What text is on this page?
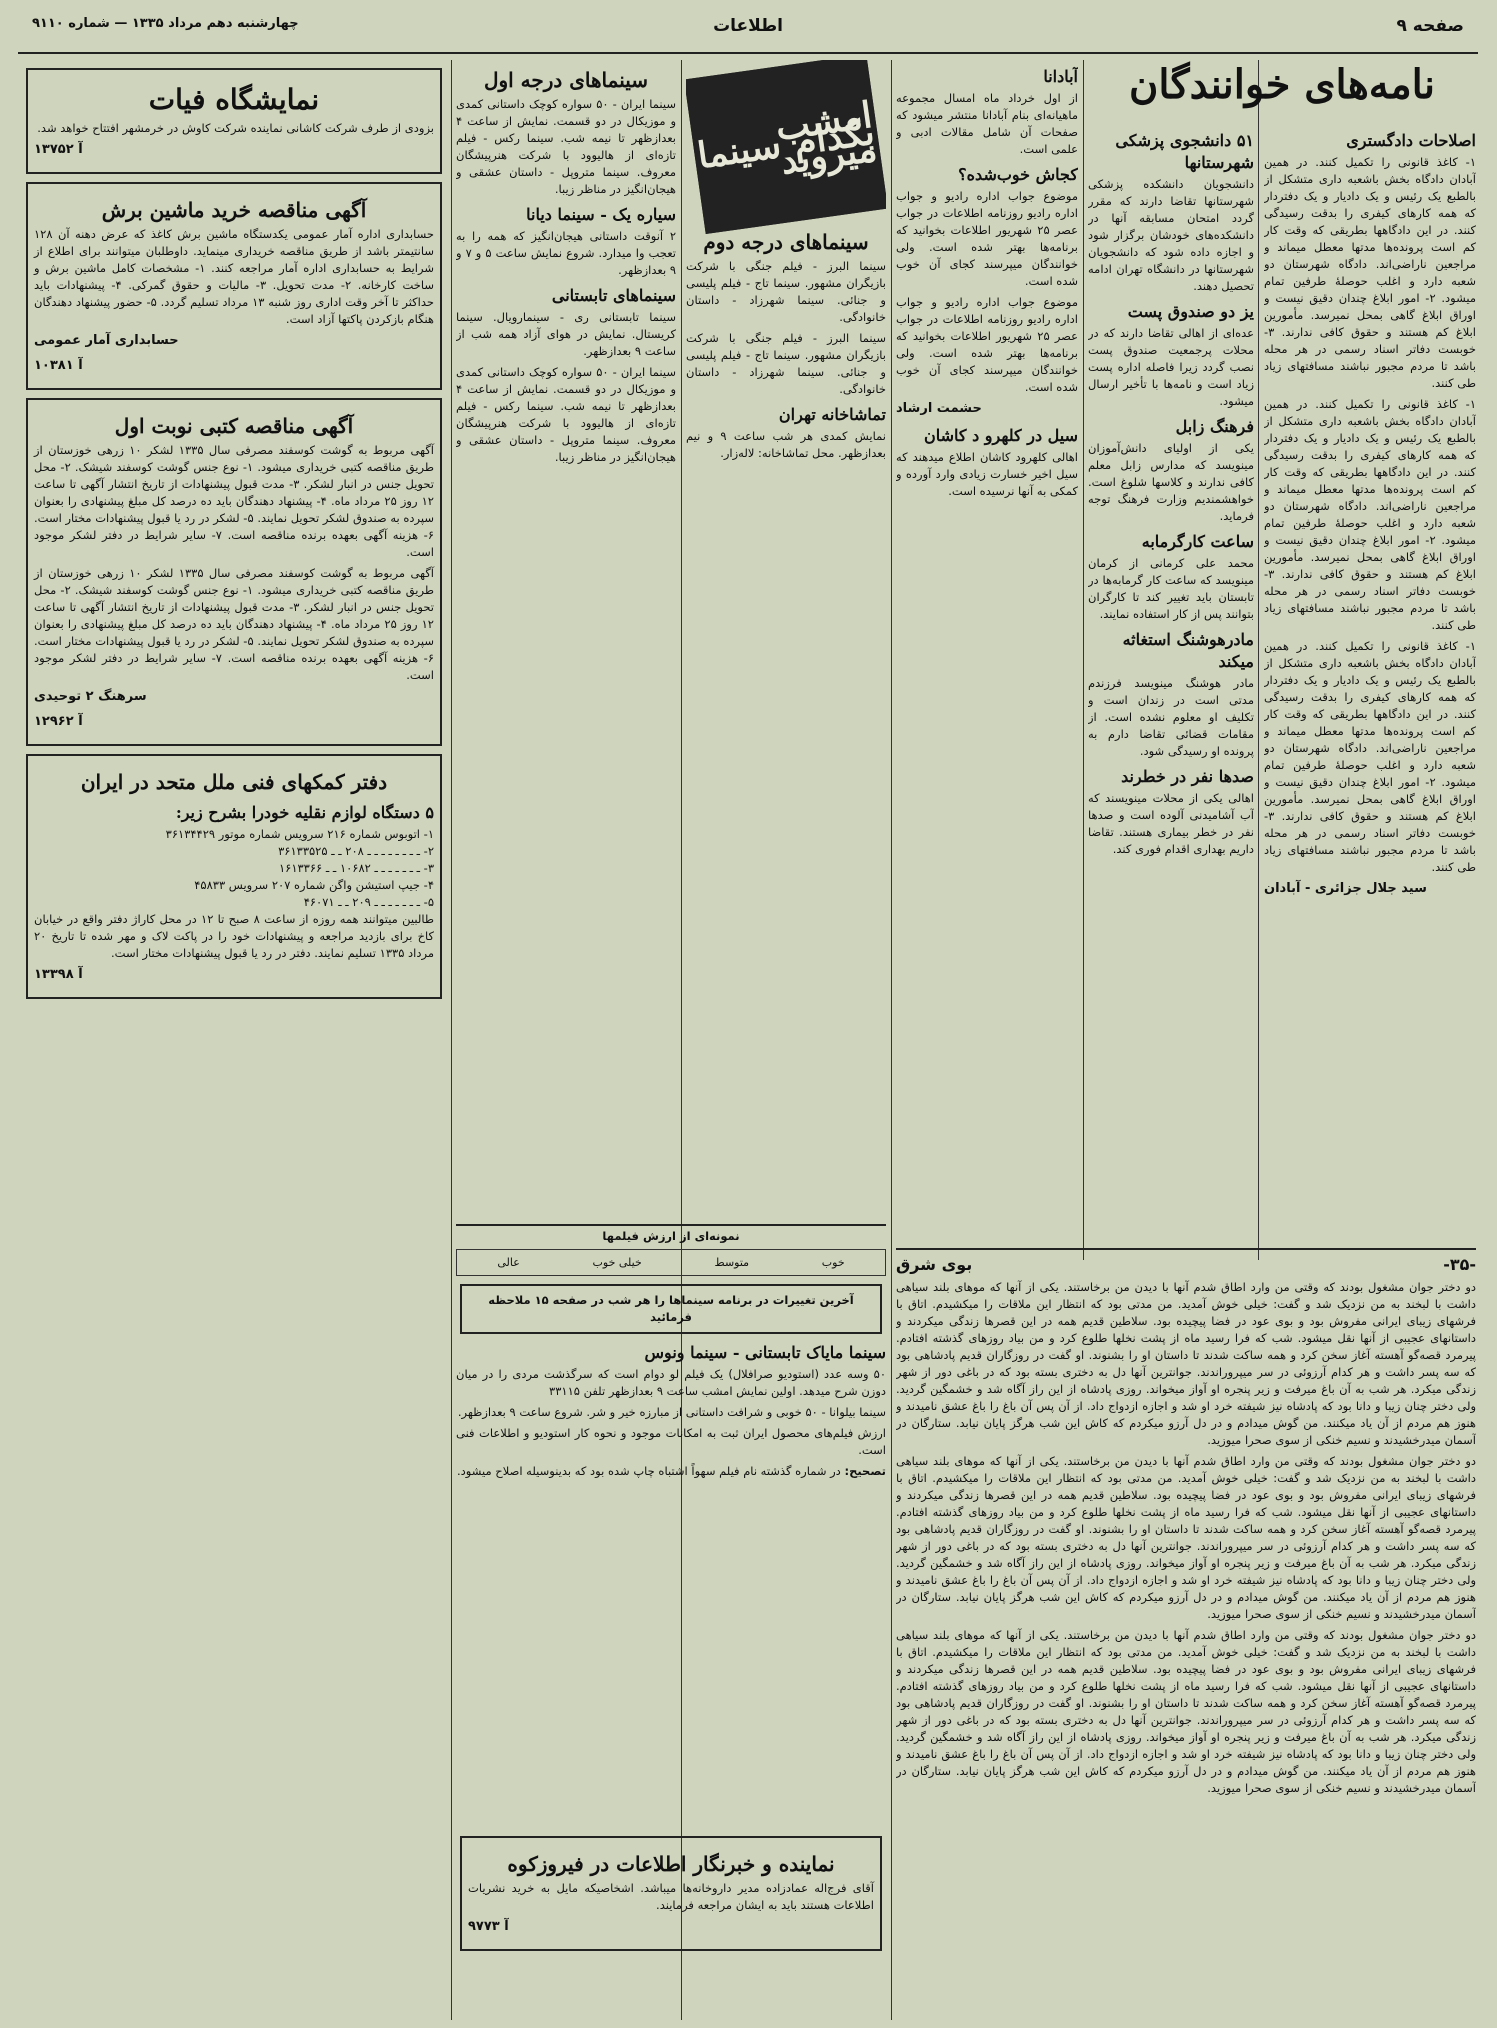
صفحه ۹
اطلاعات
چهارشنبه دهم مرداد ۱۳۳۵ — شماره ۹۱۱۰
نامه‌های خوانندگان
اصلاحات دادگستری

۱- کاغذ قانونی را تکمیل کنند. در همین آبادان دادگاه بخش باشعبه داری متشکل از بالطبع یک رئیس و یک دادیار و یک دفتردار که همه کارهای کیفری را بدقت رسیدگی کنند. در این دادگاهها بطریقی که وقت کار کم است پرونده‌ها مدتها معطل میماند و مراجعین ناراضی‌اند. دادگاه شهرستان دو شعبه دارد و اغلب حوصلهٔ طرفین تمام میشود. ۲- امور ابلاغ چندان دقیق نیست و اوراق ابلاغ گاهی بمحل نمیرسد. مأمورین ابلاغ کم هستند و حقوق کافی ندارند. ۳- خوبست دفاتر اسناد رسمی در هر محله باشد تا مردم مجبور نباشند مسافتهای زیاد طی کنند.

۱- کاغذ قانونی را تکمیل کنند. در همین آبادان دادگاه بخش باشعبه داری متشکل از بالطبع یک رئیس و یک دادیار و یک دفتردار که همه کارهای کیفری را بدقت رسیدگی کنند. در این دادگاهها بطریقی که وقت کار کم است پرونده‌ها مدتها معطل میماند و مراجعین ناراضی‌اند. دادگاه شهرستان دو شعبه دارد و اغلب حوصلهٔ طرفین تمام میشود. ۲- امور ابلاغ چندان دقیق نیست و اوراق ابلاغ گاهی بمحل نمیرسد. مأمورین ابلاغ کم هستند و حقوق کافی ندارند. ۳- خوبست دفاتر اسناد رسمی در هر محله باشد تا مردم مجبور نباشند مسافتهای زیاد طی کنند.

۱- کاغذ قانونی را تکمیل کنند. در همین آبادان دادگاه بخش باشعبه داری متشکل از بالطبع یک رئیس و یک دادیار و یک دفتردار که همه کارهای کیفری را بدقت رسیدگی کنند. در این دادگاهها بطریقی که وقت کار کم است پرونده‌ها مدتها معطل میماند و مراجعین ناراضی‌اند. دادگاه شهرستان دو شعبه دارد و اغلب حوصلهٔ طرفین تمام میشود. ۲- امور ابلاغ چندان دقیق نیست و اوراق ابلاغ گاهی بمحل نمیرسد. مأمورین ابلاغ کم هستند و حقوق کافی ندارند. ۳- خوبست دفاتر اسناد رسمی در هر محله باشد تا مردم مجبور نباشند مسافتهای زیاد طی کنند.

سید جلال جزائری - آبادان

۵۱ دانشجوی پزشکی شهرستانها

دانشجویان دانشکده پزشکی شهرستانها تقاضا دارند که مقرر گردد امتحان مسابقه آنها در دانشکده‌های خودشان برگزار شود و اجازه داده شود که دانشجویان شهرستانها در دانشگاه تهران ادامه تحصیل دهند.

یز دو صندوق پست

عده‌ای از اهالی تقاضا دارند که در محلات پرجمعیت صندوق پست نصب گردد زیرا فاصله اداره پست زیاد است و نامه‌ها با تأخیر ارسال میشود.

فرهنگ زابل

یکی از اولیای دانش‌آموزان مینویسد که مدارس زابل معلم کافی ندارند و کلاسها شلوغ است. خواهشمندیم وزارت فرهنگ توجه فرماید.

ساعت کارگرمابه

محمد علی کرمانی از کرمان مینویسد که ساعت کار گرمابه‌ها در تابستان باید تغییر کند تا کارگران بتوانند پس از کار استفاده نمایند.

مادرهوشنگ استغاثه میکند

مادر هوشنگ مینویسد فرزندم مدتی است در زندان است و تکلیف او معلوم نشده است. از مقامات قضائی تقاضا دارم به پرونده او رسیدگی شود.

صدها نفر در خطرند

اهالی یکی از محلات مینویسند که آب آشامیدنی آلوده است و صدها نفر در خطر بیماری هستند. تقاضا داریم بهداری اقدام فوری کند.

آبادانا

از اول خرداد ماه امسال مجموعه ماهیانه‌ای بنام آبادانا منتشر میشود که صفحات آن شامل مقالات ادبی و علمی است.

کجاش خوب‌شده؟

موضوع جواب اداره رادیو و جواب اداره رادیو روزنامه اطلاعات در جواب عصر ۲۵ شهریور اطلاعات بخوانید که برنامه‌ها بهتر شده است. ولی خوانندگان میپرسند کجای آن خوب شده است.

موضوع جواب اداره رادیو و جواب اداره رادیو روزنامه اطلاعات در جواب عصر ۲۵ شهریور اطلاعات بخوانید که برنامه‌ها بهتر شده است. ولی خوانندگان میپرسند کجای آن خوب شده است.

حشمت ارشاد

سیل در کلهرو د کاشان

اهالی کلهرود کاشان اطلاع میدهند که سیل اخیر خسارت زیادی وارد آورده و کمکی به آنها نرسیده است.

-۳۵-
بوی شرق

دو دختر جوان مشغول بودند که وقتی من وارد اطاق شدم آنها با دیدن من برخاستند. یکی از آنها که موهای بلند سیاهی داشت با لبخند به من نزدیک شد و گفت: خیلی خوش آمدید. من مدتی بود که انتظار این ملاقات را میکشیدم. اتاق با فرشهای زیبای ایرانی مفروش بود و بوی عود در فضا پیچیده بود. سلاطین قدیم همه در این قصرها زندگی میکردند و داستانهای عجیبی از آنها نقل میشود. شب که فرا رسید ماه از پشت نخلها طلوع کرد و من بیاد روزهای گذشته افتادم. پیرمرد قصه‌گو آهسته آغاز سخن کرد و همه ساکت شدند تا داستان او را بشنوند. او گفت در روزگاران قدیم پادشاهی بود که سه پسر داشت و هر کدام آرزوئی در سر میپروراندند. جوانترین آنها دل به دختری بسته بود که در باغی دور از شهر زندگی میکرد. هر شب به آن باغ میرفت و زیر پنجره او آواز میخواند. روزی پادشاه از این راز آگاه شد و خشمگین گردید. ولی دختر چنان زیبا و دانا بود که پادشاه نیز شیفته خرد او شد و اجازه ازدواج داد. از آن پس آن باغ را باغ عشق نامیدند و هنوز هم مردم از آن یاد میکنند. من گوش میدادم و در دل آرزو میکردم که کاش این شب هرگز پایان نیابد. ستارگان در آسمان میدرخشیدند و نسیم خنکی از سوی صحرا میوزید.

دو دختر جوان مشغول بودند که وقتی من وارد اطاق شدم آنها با دیدن من برخاستند. یکی از آنها که موهای بلند سیاهی داشت با لبخند به من نزدیک شد و گفت: خیلی خوش آمدید. من مدتی بود که انتظار این ملاقات را میکشیدم. اتاق با فرشهای زیبای ایرانی مفروش بود و بوی عود در فضا پیچیده بود. سلاطین قدیم همه در این قصرها زندگی میکردند و داستانهای عجیبی از آنها نقل میشود. شب که فرا رسید ماه از پشت نخلها طلوع کرد و من بیاد روزهای گذشته افتادم. پیرمرد قصه‌گو آهسته آغاز سخن کرد و همه ساکت شدند تا داستان او را بشنوند. او گفت در روزگاران قدیم پادشاهی بود که سه پسر داشت و هر کدام آرزوئی در سر میپروراندند. جوانترین آنها دل به دختری بسته بود که در باغی دور از شهر زندگی میکرد. هر شب به آن باغ میرفت و زیر پنجره او آواز میخواند. روزی پادشاه از این راز آگاه شد و خشمگین گردید. ولی دختر چنان زیبا و دانا بود که پادشاه نیز شیفته خرد او شد و اجازه ازدواج داد. از آن پس آن باغ را باغ عشق نامیدند و هنوز هم مردم از آن یاد میکنند. من گوش میدادم و در دل آرزو میکردم که کاش این شب هرگز پایان نیابد. ستارگان در آسمان میدرخشیدند و نسیم خنکی از سوی صحرا میوزید.

دو دختر جوان مشغول بودند که وقتی من وارد اطاق شدم آنها با دیدن من برخاستند. یکی از آنها که موهای بلند سیاهی داشت با لبخند به من نزدیک شد و گفت: خیلی خوش آمدید. من مدتی بود که انتظار این ملاقات را میکشیدم. اتاق با فرشهای زیبای ایرانی مفروش بود و بوی عود در فضا پیچیده بود. سلاطین قدیم همه در این قصرها زندگی میکردند و داستانهای عجیبی از آنها نقل میشود. شب که فرا رسید ماه از پشت نخلها طلوع کرد و من بیاد روزهای گذشته افتادم. پیرمرد قصه‌گو آهسته آغاز سخن کرد و همه ساکت شدند تا داستان او را بشنوند. او گفت در روزگاران قدیم پادشاهی بود که سه پسر داشت و هر کدام آرزوئی در سر میپروراندند. جوانترین آنها دل به دختری بسته بود که در باغی دور از شهر زندگی میکرد. هر شب به آن باغ میرفت و زیر پنجره او آواز میخواند. روزی پادشاه از این راز آگاه شد و خشمگین گردید. ولی دختر چنان زیبا و دانا بود که پادشاه نیز شیفته خرد او شد و اجازه ازدواج داد. از آن پس آن باغ را باغ عشق نامیدند و هنوز هم مردم از آن یاد میکنند. من گوش میدادم و در دل آرزو میکردم که کاش این شب هرگز پایان نیابد. ستارگان در آسمان میدرخشیدند و نسیم خنکی از سوی صحرا میوزید.

سینماهای درجه اول

سینما ایران - ۵۰ سواره کوچک داستانی کمدی و موزیکال در دو قسمت. نمایش از ساعت ۴ بعدازظهر تا نیمه شب. سینما رکس - فیلم تازه‌ای از هالیوود با شرکت هنرپیشگان معروف. سینما متروپل - داستان عشقی و هیجان‌انگیز در مناظر زیبا.

سیاره یک - سینما دیانا

۲ آنوقت داستانی هیجان‌انگیز که همه را به تعجب وا میدارد. شروع نمایش ساعت ۵ و ۷ و ۹ بعدازظهر.

سینماهای تابستانی

سینما تابستانی ری - سینمارویال. سینما کریستال. نمایش در هوای آزاد همه شب از ساعت ۹ بعدازظهر.

سینما ایران - ۵۰ سواره کوچک داستانی کمدی و موزیکال در دو قسمت. نمایش از ساعت ۴ بعدازظهر تا نیمه شب. سینما رکس - فیلم تازه‌ای از هالیوود با شرکت هنرپیشگان معروف. سینما متروپل - داستان عشقی و هیجان‌انگیز در مناظر زیبا.

امشب بکدام سینما میروید
سینماهای درجه دوم

سینما البرز - فیلم جنگی با شرکت بازیگران مشهور. سینما تاج - فیلم پلیسی و جنائی. سینما شهرزاد - داستان خانوادگی.

سینما البرز - فیلم جنگی با شرکت بازیگران مشهور. سینما تاج - فیلم پلیسی و جنائی. سینما شهرزاد - داستان خانوادگی.

تماشاخانه تهران

نمایش کمدی هر شب ساعت ۹ و نیم بعدازظهر. محل تماشاخانه: لاله‌زار.

نمونه‌ای از ارزش فیلمها
خوب
متوسط
خیلی خوب
عالی
آخرین تغییرات در برنامه سینماها را هر شب در صفحه ۱۵ ملاحظه فرمائید
سینما مایاک تابستانی - سینما ونوس

۵۰ وسه عدد (استودیو صرافلال) یک فیلم لو دوام است که سرگذشت مردی را در میان دوزن شرح میدهد. اولین نمایش امشب ساعت ۹ بعدازظهر تلفن ۳۳۱۱۵

سینما بیلوانا - ۵۰ خوبی و شرافت داستانی از مبارزه خیر و شر. شروع ساعت ۹ بعدازظهر.

ارزش فیلم‌های محصول ایران ثبت به امکانات موجود و نحوه کار استودیو و اطلاعات فنی است.

تصحیح: در شماره گذشته نام فیلم سهواً اشتباه چاپ شده بود که بدینوسیله اصلاح میشود.

نماینده و خبرنگار اطلاعات در فیروزکوه

آقای فرج‌اله عمادزاده مدیر دارو‌خانه‌ها میباشد. اشخاصیکه مایل به خرید نشریات اطلاعات هستند باید به ایشان مراجعه فرمایند.

آ ۹۷۷۳

نمایشگاه فیات

بزودی از طرف شرکت کاشانی نماینده شرکت کاوش در خرمشهر افتتاح خواهد شد.

آ ۱۳۷۵۲

آگهی مناقصه خرید ماشین برش

حسابداری اداره آمار عمومی یکدستگاه ماشین برش کاغذ که عرض دهنه آن ۱۲۸ سانتیمتر باشد از طریق مناقصه خریداری مینماید. داوطلبان میتوانند برای اطلاع از شرایط به حسابداری اداره آمار مراجعه کنند. ۱- مشخصات کامل ماشین برش و ساخت کارخانه. ۲- مدت تحویل. ۳- مالیات و حقوق گمرکی. ۴- پیشنهادات باید حداکثر تا آخر وقت اداری روز شنبه ۱۳ مرداد تسلیم گردد. ۵- حضور پیشنهاد دهندگان هنگام بازکردن پاکتها آزاد است.

حسابداری آمار عمومی

آ ۱۰۳۸۱

آگهی مناقصه کتبی نوبت اول

آگهی مربوط به گوشت کوسفند مصرفی سال ۱۳۳۵ لشکر ۱۰ زرهی خوزستان از طریق مناقصه کتبی خریداری میشود. ۱- نوع جنس گوشت کوسفند شیشک. ۲- محل تحویل جنس در انبار لشکر. ۳- مدت قبول پیشنهادات از تاریخ انتشار آگهی تا ساعت ۱۲ روز ۲۵ مرداد ماه. ۴- پیشنهاد دهندگان باید ده درصد کل مبلغ پیشنهادی را بعنوان سپرده به صندوق لشکر تحویل نمایند. ۵- لشکر در رد یا قبول پیشنهادات مختار است. ۶- هزینه آگهی بعهده برنده مناقصه است. ۷- سایر شرایط در دفتر لشکر موجود است.

آگهی مربوط به گوشت کوسفند مصرفی سال ۱۳۳۵ لشکر ۱۰ زرهی خوزستان از طریق مناقصه کتبی خریداری میشود. ۱- نوع جنس گوشت کوسفند شیشک. ۲- محل تحویل جنس در انبار لشکر. ۳- مدت قبول پیشنهادات از تاریخ انتشار آگهی تا ساعت ۱۲ روز ۲۵ مرداد ماه. ۴- پیشنهاد دهندگان باید ده درصد کل مبلغ پیشنهادی را بعنوان سپرده به صندوق لشکر تحویل نمایند. ۵- لشکر در رد یا قبول پیشنهادات مختار است. ۶- هزینه آگهی بعهده برنده مناقصه است. ۷- سایر شرایط در دفتر لشکر موجود است.

سرهنگ ۲ توحیدی

آ ۱۲۹۶۲

دفتر کمکهای فنی ملل متحد در ایران
۵ دستگاه لوازم نقلیه خودرا بشرح زیر:
۱- اتوبوس شماره ۲۱۶ سرویس شماره موتور ۳۶۱۳۴۴۲۹
۲- ـ ـ ـ ـ ـ ـ ـ ـ ۲۰۸ ـ ـ ۳۶۱۳۳۵۲۵
۳- ـ ـ ـ ـ ـ ـ ـ ۱۰۶۸۲ ـ ـ ۱۶۱۳۳۶۶
۴- جیپ استیشن واگن شماره ۲۰۷ سرویس ۴۵۸۳۳
۵- ـ ـ ـ ـ ـ ـ ـ ۲۰۹ ـ ـ ۴۶۰۷۱

طالبین میتوانند همه روزه از ساعت ۸ صبح تا ۱۲ در محل کاراژ دفتر واقع در خیابان کاخ برای بازدید مراجعه و پیشنهادات خود را در پاکت لاک و مهر شده تا تاریخ ۲۰ مرداد ۱۳۳۵ تسلیم نمایند. دفتر در رد یا قبول پیشنهادات مختار است.

آ ۱۳۳۹۸
